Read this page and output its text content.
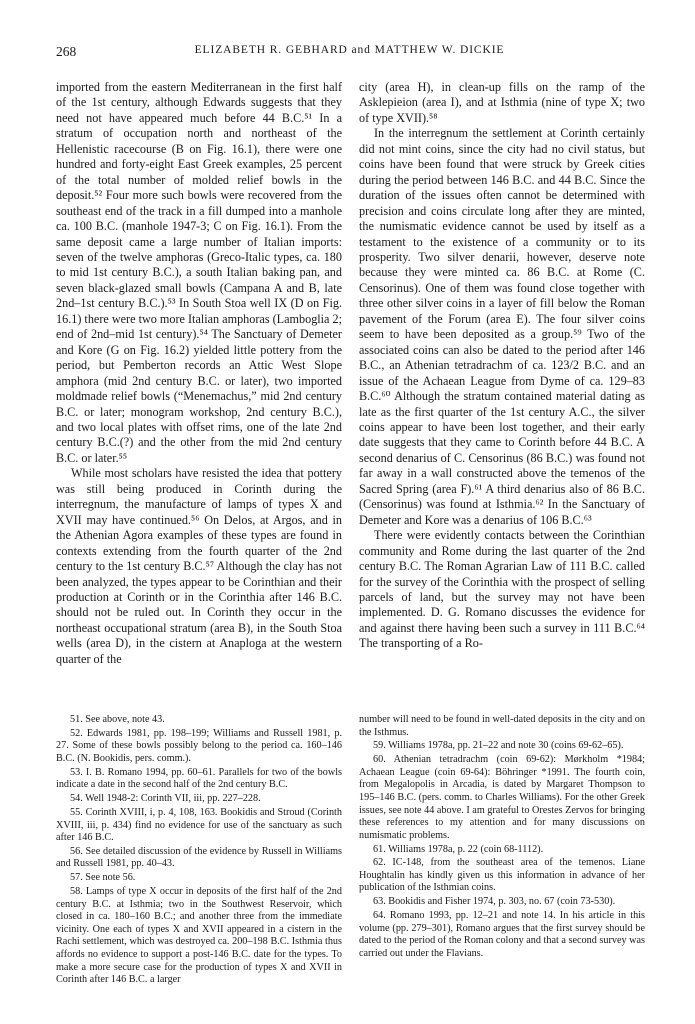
268	ELIZABETH R. GEBHARD and MATTHEW W. DICKIE

imported from the eastern Mediterranean in the first half of the 1st century, although Edwards suggests that they need not have appeared much before 44 B.C.⁵¹ In a stratum of occupation north and northeast of the Hellenistic racecourse (B on Fig. 16.1), there were one hundred and forty-eight East Greek examples, 25 percent of the total number of molded relief bowls in the deposit.⁵² Four more such bowls were recovered from the southeast end of the track in a fill dumped into a manhole ca. 100 B.C. (manhole 1947-3; C on Fig. 16.1). From the same deposit came a large number of Italian imports: seven of the twelve amphoras (Greco-Italic types, ca. 180 to mid 1st century B.C.), a south Italian baking pan, and seven black-glazed small bowls (Campana A and B, late 2nd–1st century B.C.).⁵³ In South Stoa well IX (D on Fig. 16.1) there were two more Italian amphoras (Lamboglia 2; end of 2nd–mid 1st century).⁵⁴ The Sanctuary of Demeter and Kore (G on Fig. 16.2) yielded little pottery from the period, but Pemberton records an Attic West Slope amphora (mid 2nd century B.C. or later), two imported moldmade relief bowls (“Menemachus,” mid 2nd century B.C. or later; monogram workshop, 2nd century B.C.), and two local plates with offset rims, one of the late 2nd century B.C.(?) and the other from the mid 2nd century B.C. or later.⁵⁵

While most scholars have resisted the idea that pottery was still being produced in Corinth during the interregnum, the manufacture of lamps of types X and XVII may have continued.⁵⁶ On Delos, at Argos, and in the Athenian Agora examples of these types are found in contexts extending from the fourth quarter of the 2nd century to the 1st century B.C.⁵⁷ Although the clay has not been analyzed, the types appear to be Corinthian and their production at Corinth or in the Corinthia after 146 B.C. should not be ruled out. In Corinth they occur in the northeast occupational stratum (area B), in the South Stoa wells (area D), in the cistern at Anaploga at the western quarter of the

city (area H), in clean-up fills on the ramp of the Asklepieion (area I), and at Isthmia (nine of type X; two of type XVII).⁵⁸

In the interregnum the settlement at Corinth certainly did not mint coins, since the city had no civil status, but coins have been found that were struck by Greek cities during the period between 146 B.C. and 44 B.C. Since the duration of the issues often cannot be determined with precision and coins circulate long after they are minted, the numismatic evidence cannot be used by itself as a testament to the existence of a community or to its prosperity. Two silver denarii, however, deserve note because they were minted ca. 86 B.C. at Rome (C. Censorinus). One of them was found close together with three other silver coins in a layer of fill below the Roman pavement of the Forum (area E). The four silver coins seem to have been deposited as a group.⁵⁹ Two of the associated coins can also be dated to the period after 146 B.C., an Athenian tetradrachm of ca. 123/2 B.C. and an issue of the Achaean League from Dyme of ca. 129–83 B.C.⁶⁰ Although the stratum contained material dating as late as the first quarter of the 1st century A.C., the silver coins appear to have been lost together, and their early date suggests that they came to Corinth before 44 B.C. A second denarius of C. Censorinus (86 B.C.) was found not far away in a wall constructed above the temenos of the Sacred Spring (area F).⁶¹ A third denarius also of 86 B.C. (Censorinus) was found at Isthmia.⁶² In the Sanctuary of Demeter and Kore was a denarius of 106 B.C.⁶³

There were evidently contacts between the Corinthian community and Rome during the last quarter of the 2nd century B.C. The Roman Agrarian Law of 111 B.C. called for the survey of the Corinthia with the prospect of selling parcels of land, but the survey may not have been implemented. D. G. Romano discusses the evidence for and against there having been such a survey in 111 B.C.⁶⁴ The transporting of a Ro-

51. See above, note 43.

52. Edwards 1981, pp. 198–199; Williams and Russell 1981, p. 27. Some of these bowls possibly belong to the period ca. 160–146 B.C. (N. Bookidis, pers. comm.).

53. I. B. Romano 1994, pp. 60–61. Parallels for two of the bowls indicate a date in the second half of the 2nd century B.C.

54. Well 1948-2: Corinth VII, iii, pp. 227–228.

55. Corinth XVIII, i, p. 4, 108, 163. Bookidis and Stroud (Corinth XVIII, iii, p. 434) find no evidence for use of the sanctuary as such after 146 B.C.

56. See detailed discussion of the evidence by Russell in Williams and Russell 1981, pp. 40–43.

57. See note 56.

58. Lamps of type X occur in deposits of the first half of the 2nd century B.C. at Isthmia; two in the Southwest Reservoir, which closed in ca. 180–160 B.C.; and another three from the immediate vicinity. One each of types X and XVII appeared in a cistern in the Rachi settlement, which was destroyed ca. 200–198 B.C. Isthmia thus affords no evidence to support a post-146 B.C. date for the types. To make a more secure case for the production of types X and XVII in Corinth after 146 B.C. a larger

number will need to be found in well-dated deposits in the city and on the Isthmus.

59. Williams 1978a, pp. 21–22 and note 30 (coins 69-62–65).

60. Athenian tetradrachm (coin 69-62): Mørkholm *1984; Achaean League (coin 69-64): Böhringer *1991. The fourth coin, from Megalopolis in Arcadia, is dated by Margaret Thompson to 195–146 B.C. (pers. comm. to Charles Williams). For the other Greek issues, see note 44 above. I am grateful to Orestes Zervos for bringing these references to my attention and for many discussions on numismatic problems.

61. Williams 1978a, p. 22 (coin 68-1112).

62. IC-148, from the southeast area of the temenos. Liane Houghtalin has kindly given us this information in advance of her publication of the Isthmian coins.

63. Bookidis and Fisher 1974, p. 303, no. 67 (coin 73-530).

64. Romano 1993, pp. 12–21 and note 14. In his article in this volume (pp. 279–301), Romano argues that the first survey should be dated to the period of the Roman colony and that a second survey was carried out under the Flavians.
